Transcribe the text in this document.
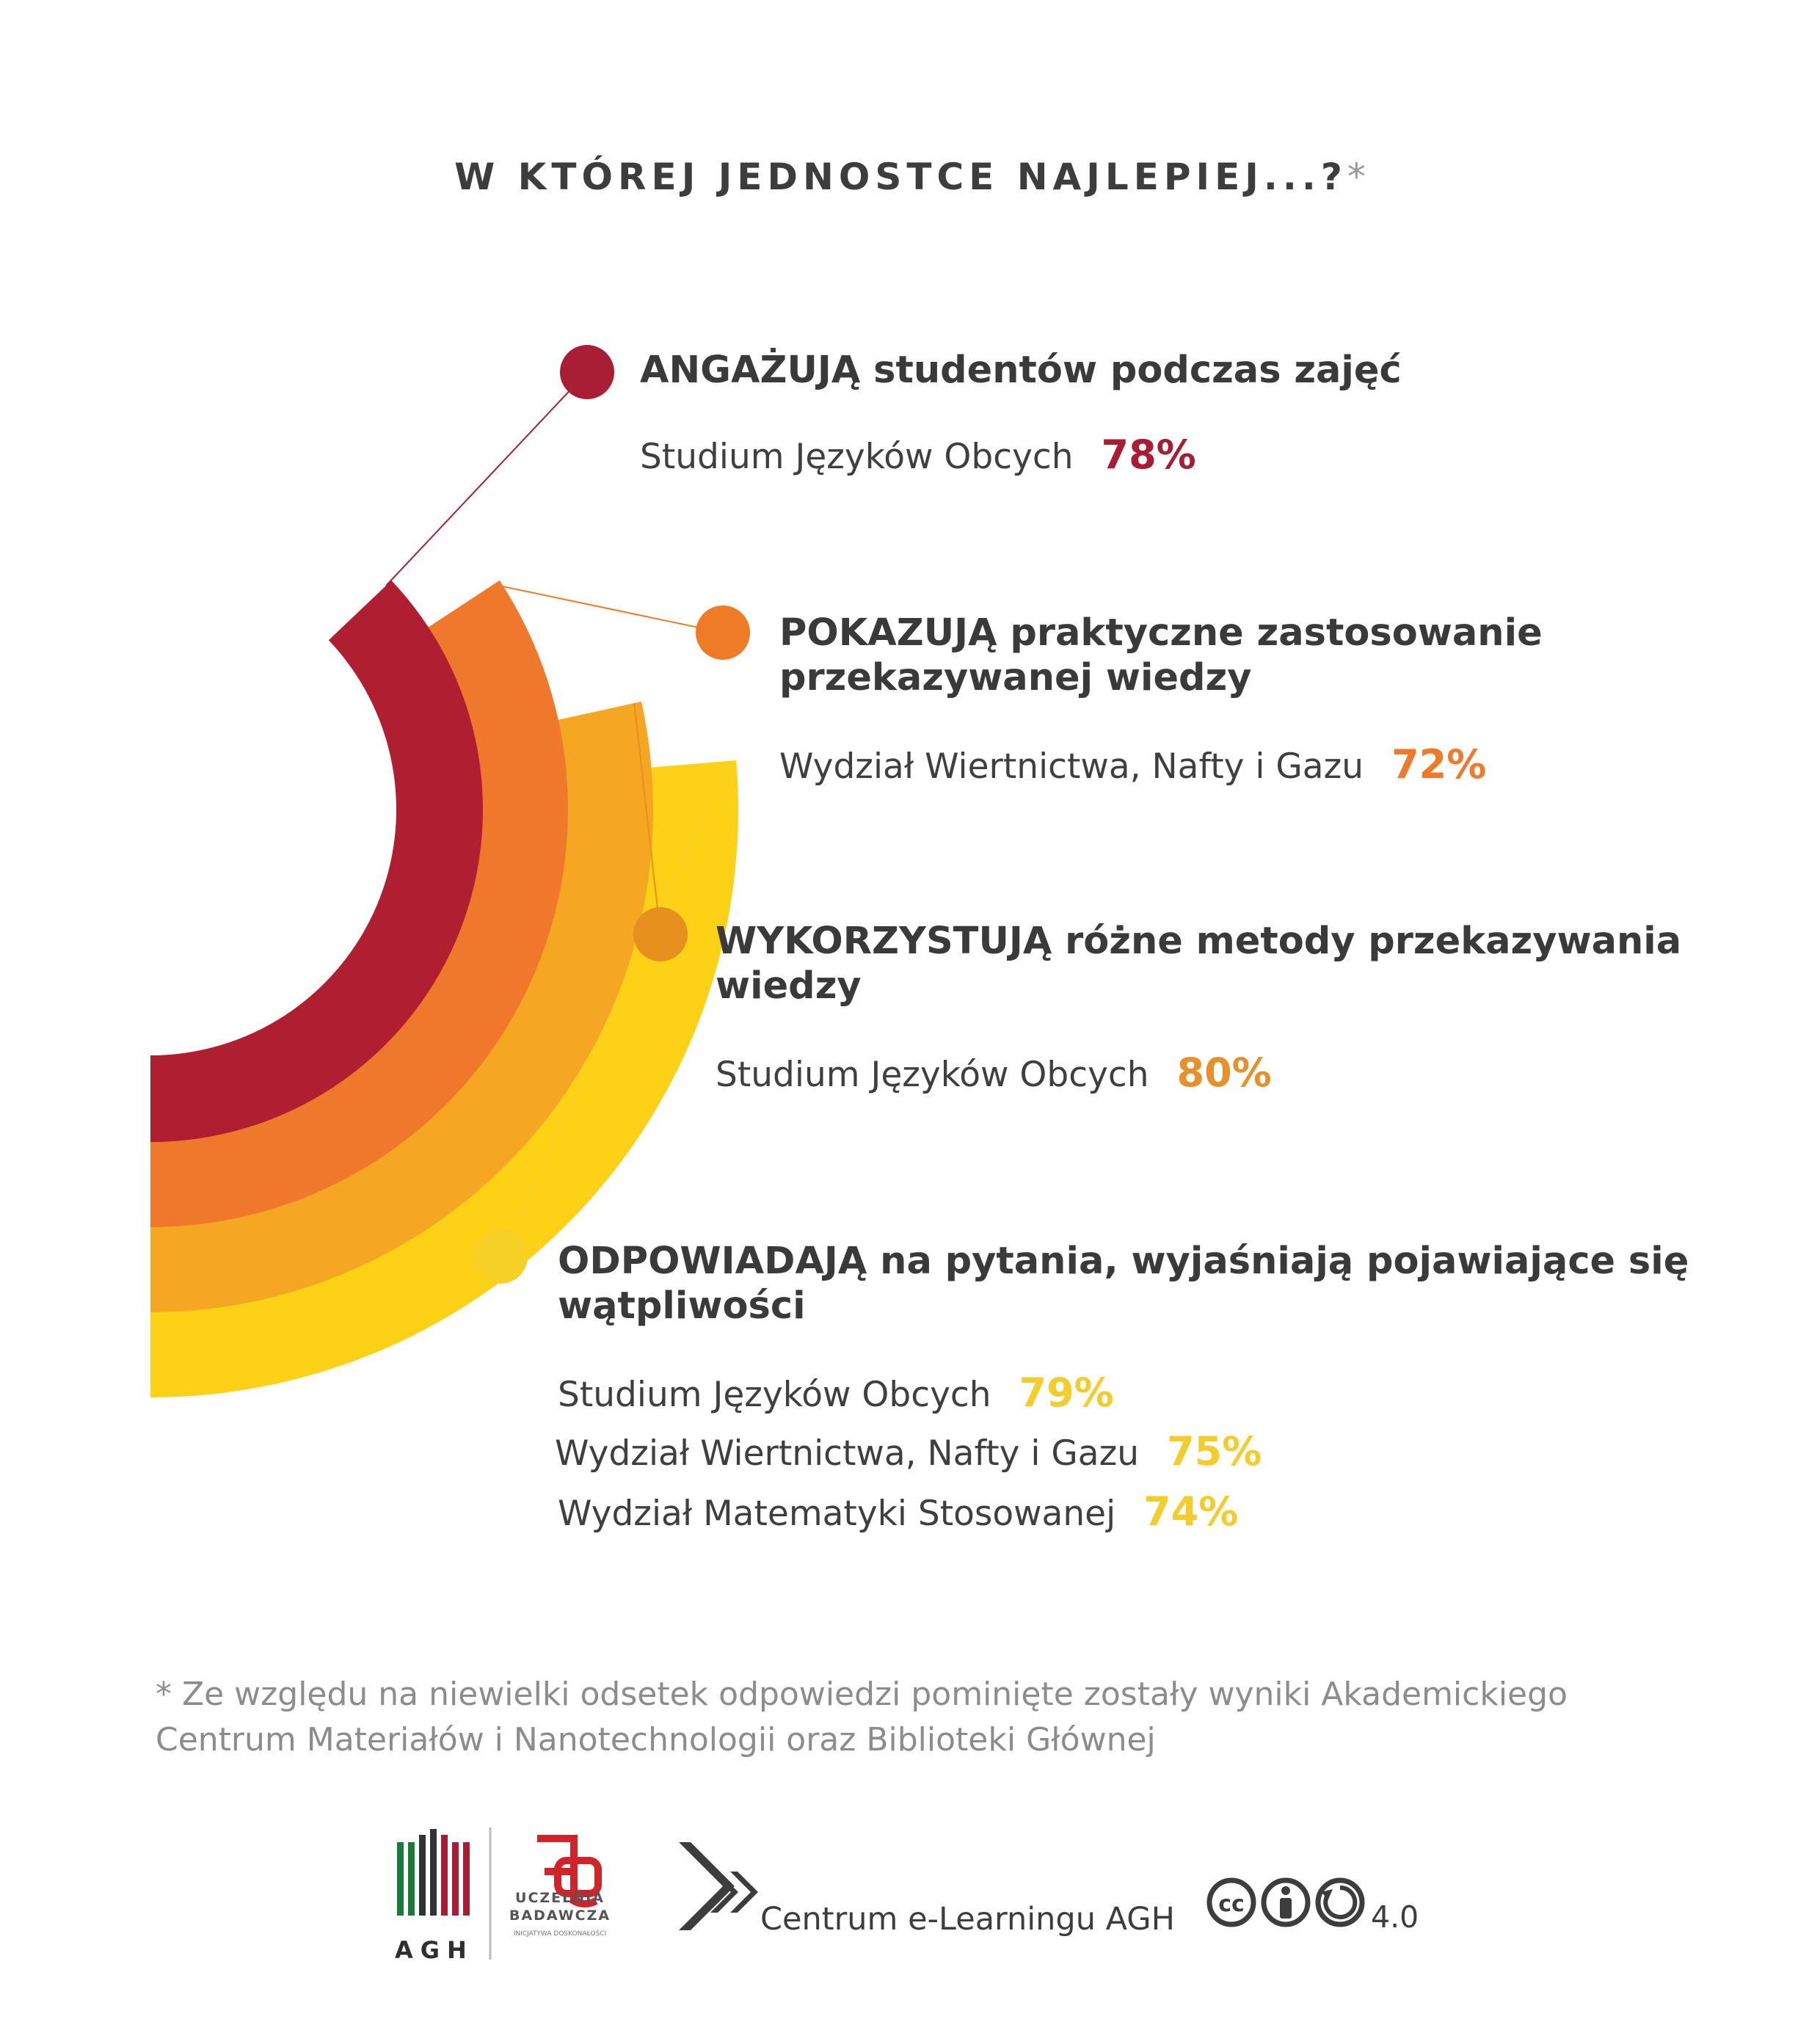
W KTÓREJ JEDNOSTCE NAJLEPIEJ...?*
ANGAŻUJĄ studentów podczas zajęć
Studium Języków Obcych 78%
POKAZUJĄ praktyczne zastosowanie
przekazywanej wiedzy
Wydział Wiertnictwa, Nafty i Gazu 72%
WYKORZYSTUJĄ różne metody przekazywania
wiedzy
Studium Języków Obcych 80%
ODPOWIADAJĄ na pytania, wyjaśniają pojawiające się
wątpliwości
Studium Języków Obcych 79%
Wydział Wiertnictwa, Nafty i Gazu 75%
Wydział Matematyki Stosowanej 74%
* Ze względu na niewielki odsetek odpowiedzi pominięte zostały wyniki Akademickiego Centrum Materiałów i Nanotechnologii oraz Biblioteki Głównej
cc
AGH
UCZELNIA
BADAWCZA
INICJATYWA DOSKONAŁOŚCI	Centrum e-Learningu AGH	4.0
